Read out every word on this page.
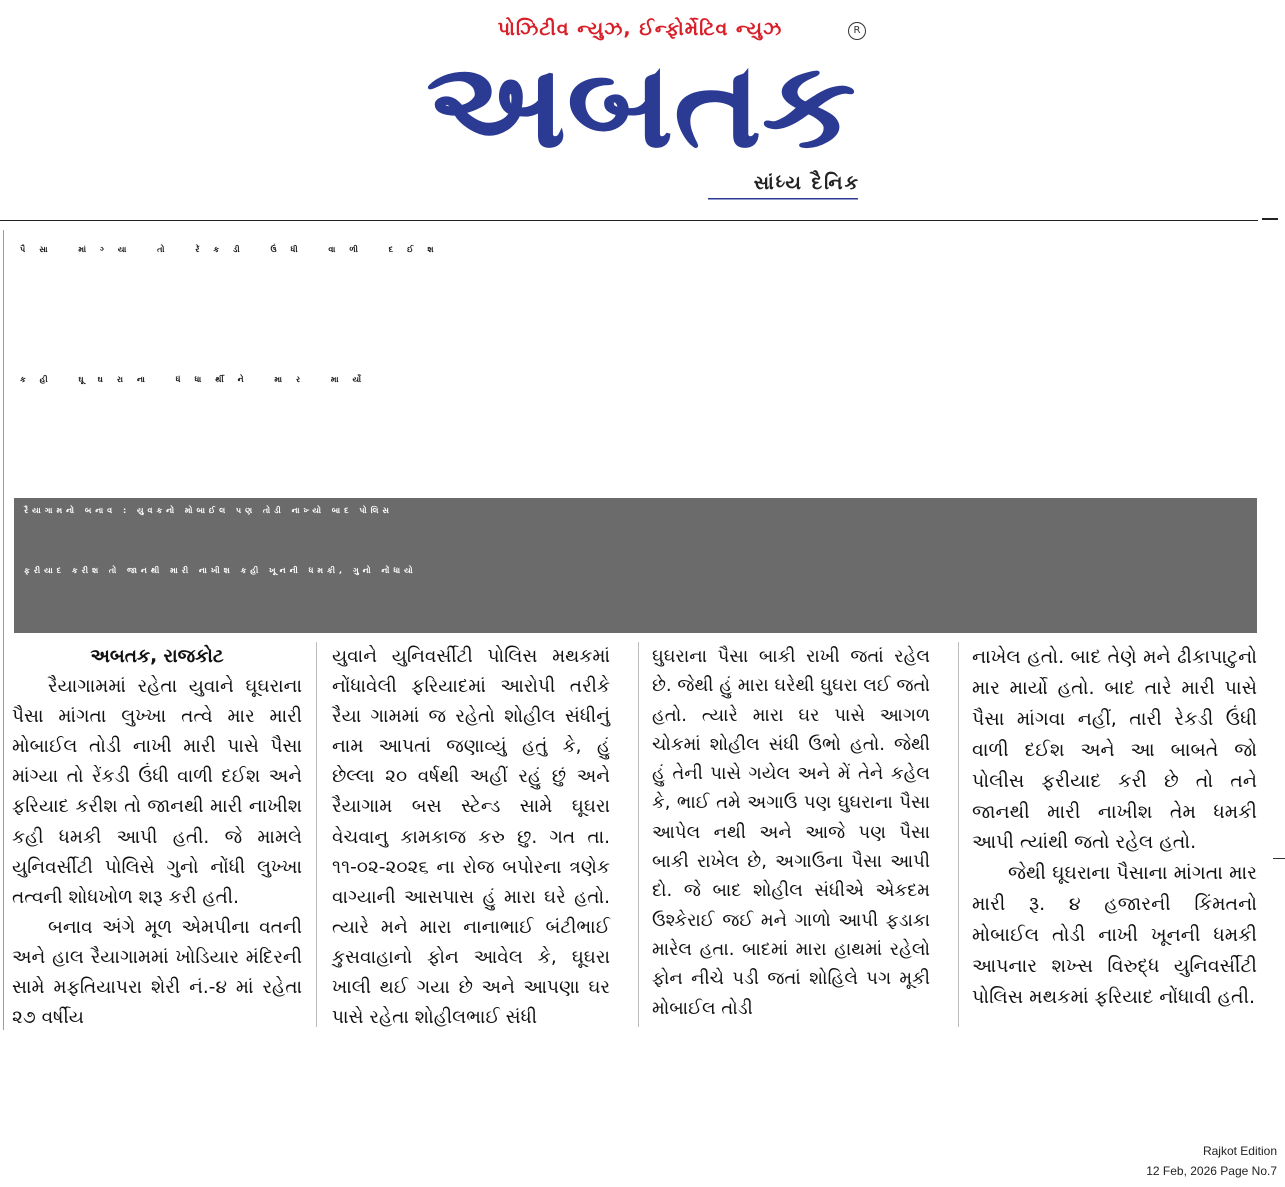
પોઝિટીવ ન્યુઝ, ઈન્ફોર્મેટિવ ન્યુઝ	R
અબતક
સાંધ્ય દૈનિક
પૈસા માંગ્યા તો રેંકડી ઉંધી વાળી દઈશ
કહી ઘૂઘરાના ધંધાર્થીને માર માર્યો
રૈયાગામનો બનાવ : યુવકનો મોબાઈલ પણ તોડી નાખ્યો બાદ પોલિસ
ફરીયાદ કરીશ તો જાનથી મારી નાખીશ કહી ખૂનની ધમકી, ગુનો નોંધાયો

અબતક, રાજકોટ

રૈયાગામમાં રહેતા યુવાને ઘૂઘરાના પૈસા માંગતા લુખ્ખા તત્વે માર મારી મોબાઈલ તોડી નાખી મારી પાસે પૈસા માંગ્યા તો રેંકડી ઉંધી વાળી દઈશ અને ફરિયાદ કરીશ તો જાનથી મારી નાખીશ કહી ધમકી આપી હતી. જે મામલે યુનિવર્સીટી પોલિસે ગુનો નોંધી લુખ્ખા તત્વની શોધખોળ શરૂ કરી હતી.

બનાવ અંગે મૂળ એમપીના વતની અને હાલ રૈયાગામમાં ખોડિયાર મંદિરની સામે મફતિયાપરા શેરી નં.-૪ માં રહેતા ૨૭ વર્ષીય

યુવાને યુનિવર્સીટી પોલિસ મથકમાં નોંધાવેલી ફરિયાદમાં આરોપી તરીકે રૈયા ગામમાં જ રહેતો શોહીલ સંધીનું નામ આપતાં જણાવ્યું હતું કે, હું છેલ્લા ૨૦ વર્ષથી અહીં રહું છું અને રૈયાગામ બસ સ્ટેન્ડ સામે ઘૂઘરા વેચવાનુ કામકાજ કરુ છુ. ગત તા. ૧૧-૦૨-૨૦૨૬ ના રોજ બપોરના ત્રણેક વાગ્યાની આસપાસ હું મારા ઘરે હતો. ત્યારે મને મારા નાનાભાઈ બંટીભાઈ કુસવાહાનો ફોન આવેલ કે, ઘૂઘરા ખાલી થઈ ગયા છે અને આપણા ઘર પાસે રહેતા શોહીલભાઈ સંધી

ઘુઘરાના પૈસા બાકી રાખી જતાં રહેલ છે. જેથી હું મારા ઘરેથી ઘુઘરા લઈ જતો હતો. ત્યારે મારા ઘર પાસે આગળ ચોકમાં શોહીલ સંધી ઉભો હતો. જેથી હું તેની પાસે ગયેલ અને મેં તેને કહેલ કે, ભાઈ તમે અગાઉ પણ ઘુઘરાના પૈસા આપેલ નથી અને આજે પણ પૈસા બાકી રાખેલ છે, અગાઉના પૈસા આપી દો. જે બાદ શોહીલ સંધીએ એકદમ ઉશ્કેરાઈ જઈ મને ગાળો આપી ફડાકા મારેલ હતા. બાદમાં મારા હાથમાં રહેલો ફોન નીચે પડી જતાં શોહિલે પગ મૂકી મોબાઈલ તોડી

નાખેલ હતો. બાદ તેણે મને ઢીકાપાટુનો માર માર્યો હતો. બાદ તારે મારી પાસે પૈસા માંગવા નહીં, તારી રેકડી ઉંધી વાળી દઈશ અને આ બાબતે જો પોલીસ ફરીયાદ કરી છે તો તને જાનથી મારી નાખીશ તેમ ધમકી આપી ત્યાંથી જતો રહેલ હતો.

જેથી ઘૂઘરાના પૈસાના માંગતા માર મારી રૂ. ૪ હજારની કિંમતનો મોબાઈલ તોડી નાખી ખૂનની ધમકી આપનાર શખ્સ વિરુદ્ધ યુનિવર્સીટી પોલિસ મથકમાં ફરિયાદ નોંધાવી હતી.

Rajkot Edition
12 Feb, 2026 Page No.7
